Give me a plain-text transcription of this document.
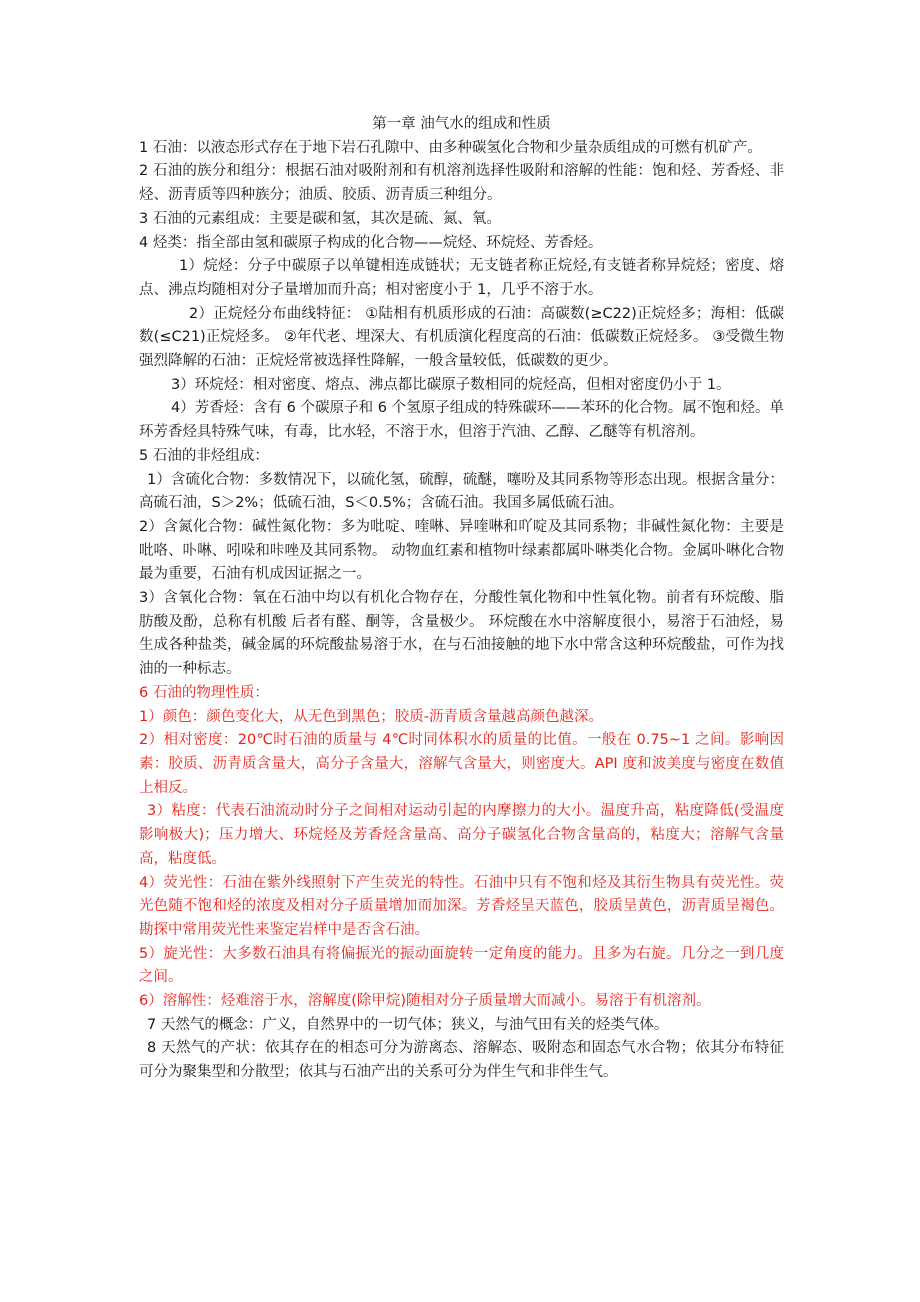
第一章 油气水的组成和性质

1 石油：以液态形式存在于地下岩石孔隙中、由多种碳氢化合物和少量杂质组成的可燃有机矿产。

2 石油的族分和组分：根据石油对吸附剂和有机溶剂选择性吸附和溶解的性能：饱和烃、芳香烃、非烃、沥青质等四种族分；油质、胶质、沥青质三种组分。

3 石油的元素组成：主要是碳和氢，其次是硫、氮、氧。

4 烃类：指全部由氢和碳原子构成的化合物——烷烃、环烷烃、芳香烃。

1）烷烃：分子中碳原子以单键相连成链状；无支链者称正烷烃,有支链者称异烷烃；密度、熔点、沸点均随相对分子量增加而升高；相对密度小于 1，几乎不溶于水。

2）正烷烃分布曲线特征： ①陆相有机质形成的石油：高碳数(≥C22)正烷烃多；海相：低碳数(≤C21)正烷烃多。 ②年代老、埋深大、有机质演化程度高的石油：低碳数正烷烃多。 ③受微生物强烈降解的石油：正烷烃常被选择性降解，一般含量较低，低碳数的更少。

3）环烷烃：相对密度、熔点、沸点都比碳原子数相同的烷烃高，但相对密度仍小于 1。

4）芳香烃：含有 6 个碳原子和 6 个氢原子组成的特殊碳环——苯环的化合物。属不饱和烃。单环芳香烃具特殊气味，有毒，比水轻，不溶于水，但溶于汽油、乙醇、乙醚等有机溶剂。

5 石油的非烃组成：

1）含硫化合物：多数情况下，以硫化氢，硫醇，硫醚，噻吩及其同系物等形态出现。根据含量分：高硫石油，S＞2%；低硫石油，S＜0.5%；含硫石油。我国多属低硫石油。

2）含氮化合物：碱性氮化物：多为吡啶、喹啉、异喹啉和吖啶及其同系物；非碱性氮化物：主要是吡咯、卟啉、吲哚和咔唑及其同系物。 动物血红素和植物叶绿素都属卟啉类化合物。金属卟啉化合物最为重要，石油有机成因证据之一。

3）含氧化合物：氧在石油中均以有机化合物存在，分酸性氧化物和中性氧化物。前者有环烷酸、脂肪酸及酚，总称有机酸 后者有醛、酮等，含量极少。 环烷酸在水中溶解度很小，易溶于石油烃，易生成各种盐类，碱金属的环烷酸盐易溶于水，在与石油接触的地下水中常含这种环烷酸盐，可作为找油的一种标志。

6 石油的物理性质：

1）颜色：颜色变化大，从无色到黑色；胶质-沥青质含量越高颜色越深。

2）相对密度：20℃时石油的质量与 4℃时同体积水的质量的比值。一般在 0.75~1 之间。影响因素：胶质、沥青质含量大，高分子含量大，溶解气含量大，则密度大。API 度和波美度与密度在数值上相反。

3）粘度：代表石油流动时分子之间相对运动引起的内摩擦力的大小。温度升高，粘度降低(受温度影响极大)；压力增大、环烷烃及芳香烃含量高、高分子碳氢化合物含量高的，粘度大；溶解气含量高，粘度低。

4）荧光性：石油在紫外线照射下产生荧光的特性。石油中只有不饱和烃及其衍生物具有荧光性。荧光色随不饱和烃的浓度及相对分子质量增加而加深。芳香烃呈天蓝色，胶质呈黄色，沥青质呈褐色。勘探中常用荧光性来鉴定岩样中是否含石油。

5）旋光性：大多数石油具有将偏振光的振动面旋转一定角度的能力。且多为右旋。几分之一到几度之间。

6）溶解性：烃难溶于水，溶解度(除甲烷)随相对分子质量增大而减小。易溶于有机溶剂。

7 天然气的概念：广义，自然界中的一切气体；狭义，与油气田有关的烃类气体。

8 天然气的产状：依其存在的相态可分为游离态、溶解态、吸附态和固态气水合物；依其分布特征可分为聚集型和分散型；依其与石油产出的关系可分为伴生气和非伴生气。
